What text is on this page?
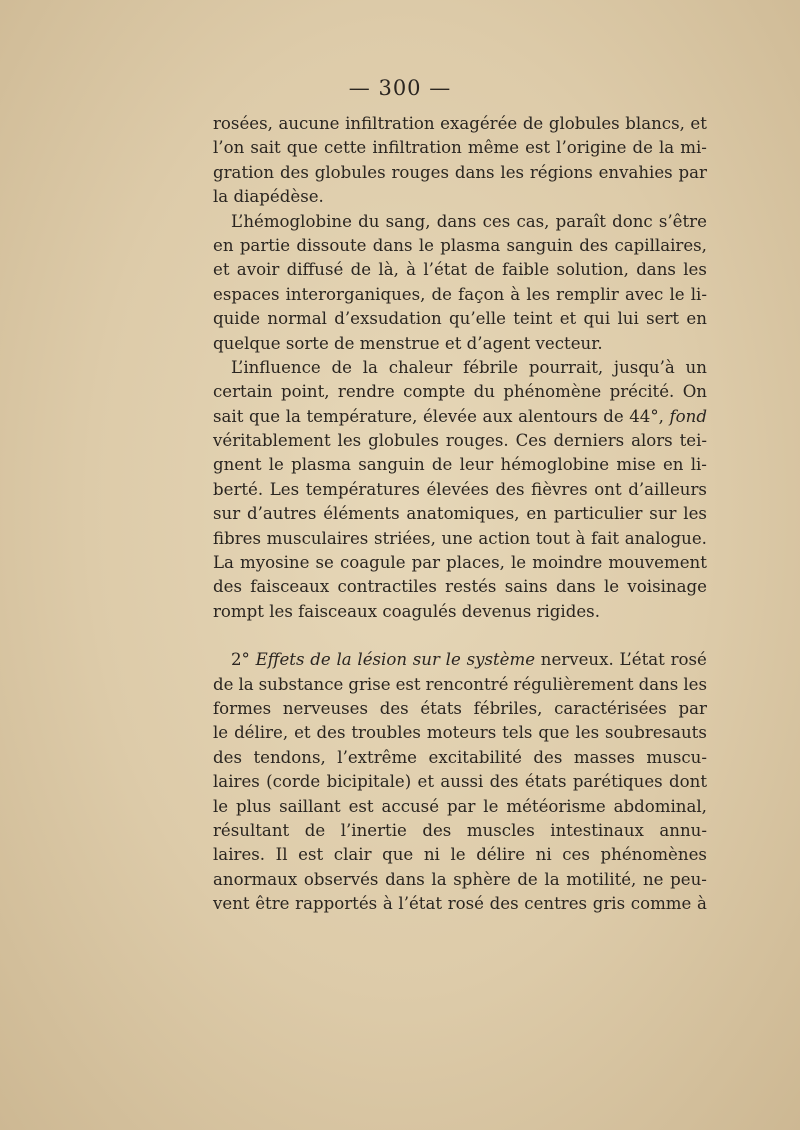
— 300 —
rosées, aucune infiltration exagérée de globules blancs, et
l’on sait que cette infiltration même est l’origine de la mi-
gration des globules rouges dans les régions envahies par
la diapédèse.
L’hémoglobine du sang, dans ces cas, paraît donc s’être
en partie dissoute dans le plasma sanguin des capillaires,
et avoir diffusé de là, à l’état de faible solution, dans les
espaces interorganiques, de façon à les remplir avec le li-
quide normal d’exsudation qu’elle teint et qui lui sert en
quelque sorte de menstrue et d’agent vecteur.
L’influence de la chaleur fébrile pourrait, jusqu’à un
certain point, rendre compte du phénomène précité. On
sait que la température, élevée aux alentours de 44°, fond
véritablement les globules rouges. Ces derniers alors tei-
gnent le plasma sanguin de leur hémoglobine mise en li-
berté. Les températures élevées des fièvres ont d’ailleurs
sur d’autres éléments anatomiques, en particulier sur les
fibres musculaires striées, une action tout à fait analogue.
La myosine se coagule par places, le moindre mouvement
des faisceaux contractiles restés sains dans le voisinage
rompt les faisceaux coagulés devenus rigides.
2° Effets de la lésion sur le système nerveux. L’état rosé
de la substance grise est rencontré régulièrement dans les
formes nerveuses des états fébriles, caractérisées par
le délire, et des troubles moteurs tels que les soubresauts
des tendons, l’extrême excitabilité des masses muscu-
laires (corde bicipitale) et aussi des états parétiques dont
le plus saillant est accusé par le météorisme abdominal,
résultant de l’inertie des muscles intestinaux annu-
laires. Il est clair que ni le délire ni ces phénomènes
anormaux observés dans la sphère de la motilité, ne peu-
vent être rapportés à l’état rosé des centres gris comme à
